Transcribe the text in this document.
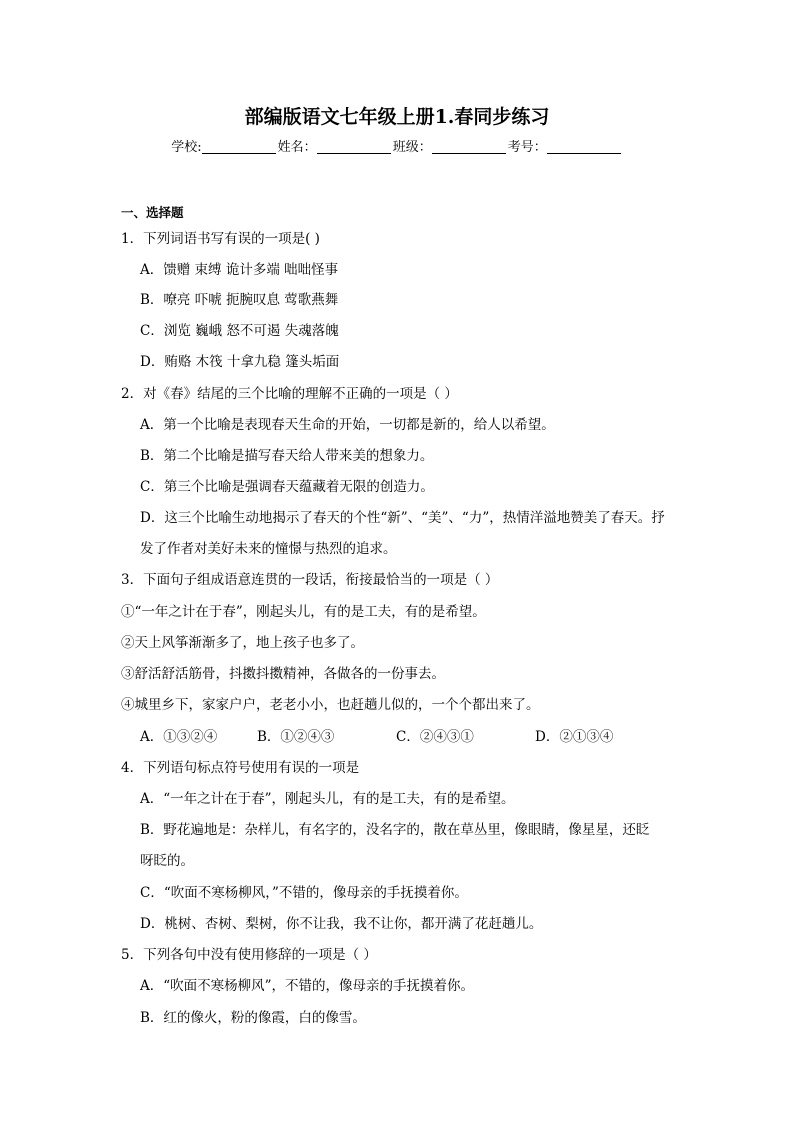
部编版语文七年级上册1.春同步练习
学校:	姓名：	班级：	考号：
一、选择题
1．下列词语书写有误的一项是( )
A．馈赠 束缚 诡计多端 咄咄怪事
B．嘹亮 吓唬 扼腕叹息 莺歌燕舞
C．浏览 巍峨 怒不可遏 失魂落魄
D．贿赂 木筏 十拿九稳 篷头垢面
2．对《春》结尾的三个比喻的理解不正确的一项是（ ）
A．第一个比喻是表现春天生命的开始，一切都是新的，给人以希望。
B．第二个比喻是描写春天给人带来美的想象力。
C．第三个比喻是强调春天蕴藏着无限的创造力。
D．这三个比喻生动地揭示了春天的个性“新”、“美”、“力”，热情洋溢地赞美了春天。抒
发了作者对美好未来的憧憬与热烈的追求。
3．下面句子组成语意连贯的一段话，衔接最恰当的一项是（ ）
①“一年之计在于春”，刚起头儿，有的是工夫，有的是希望。
②天上风筝渐渐多了，地上孩子也多了。
③舒活舒活筋骨，抖擞抖擞精神，各做各的一份事去。
④城里乡下，家家户户，老老小小，也赶趟儿似的，一个个都出来了。
A．①③②④	B．①②④③	C．②④③①	D．②①③④
4．下列语句标点符号使用有误的一项是
A．“一年之计在于春”，刚起头儿，有的是工夫，有的是希望。
B．野花遍地是：杂样儿，有名字的，没名字的，散在草丛里，像眼睛，像星星，还眨
呀眨的。
C．“吹面不寒杨柳风，”不错的，像母亲的手抚摸着你。
D．桃树、杏树、梨树，你不让我，我不让你，都开满了花赶趟儿。
5．下列各句中没有使用修辞的一项是（ ）
A．“吹面不寒杨柳风”，不错的，像母亲的手抚摸着你。
B．红的像火，粉的像霞，白的像雪。
